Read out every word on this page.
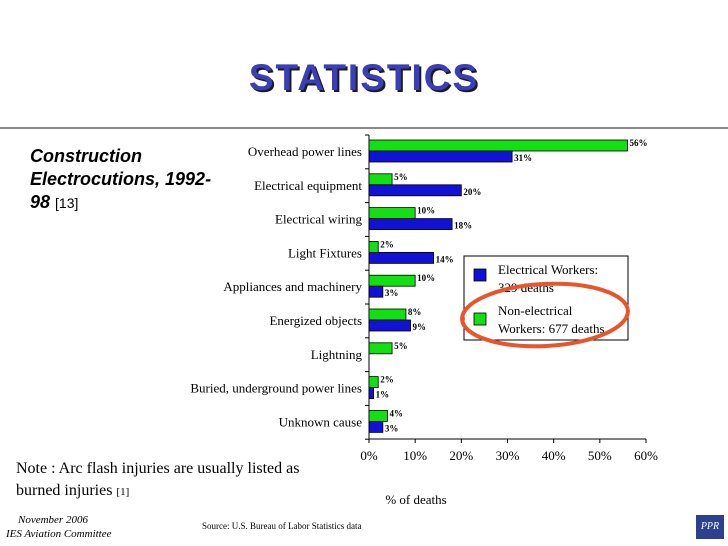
STATISTICS
Construction Electrocutions, 1992-98 [13]
0% 10% 20% 30% 40% 50% 60%
% of deaths
Overhead power lines
56%
31%
Electrical equipment
5%
20%
Electrical wiring
10%
18%
Light Fixtures
2%
14%
Appliances and machinery
10%
3%
Energized objects
8%
9%
Lightning
5%
Buried, underground power lines
2%
1%
Unknown cause
4%
3%
Electrical Workers:
329 deaths
Non-electrical
Workers: 677 deaths
Note : Arc flash injuries are usually listed as burned injuries [1]
November 2006
IES Aviation Committee
Source: U.S. Bureau of Labor Statistics data	PPR
